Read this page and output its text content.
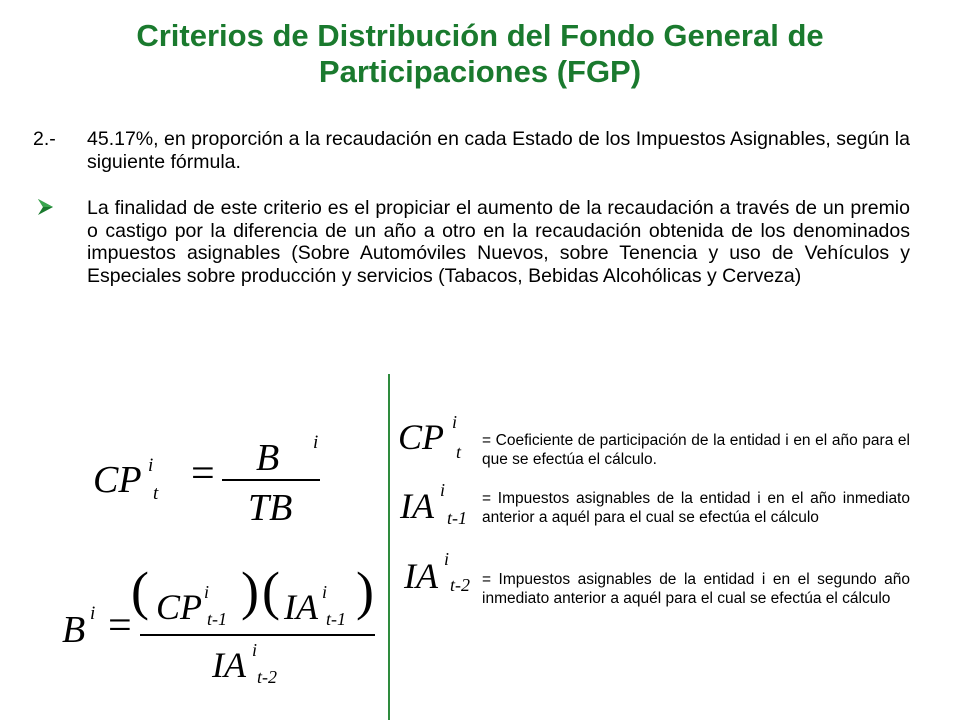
Criterios de Distribución del Fondo General de Participaciones (FGP)
2.- 45.17%, en proporción a la recaudación en cada Estado de los Impuestos Asignables, según la siguiente fórmula.
La finalidad de este criterio es el propiciar el aumento de la recaudación a través de un premio o castigo por la diferencia de un año a otro en la recaudación obtenida de los denominados impuestos asignables (Sobre Automóviles Nuevos, sobre Tenencia y uso de Vehículos y Especiales sobre producción y servicios (Tabacos, Bebidas Alcohólicas y Cerveza)
CP i
t = B i
TB
B i =
( CP i
t-1 ) ( IA i
t-1 )
IA i
t-2
CP i
t
= Coeficiente de participación de la entidad i en el año para el que se efectúa el cálculo.
IA i
t-1
= Impuestos asignables de la entidad i en el año inmediato anterior a aquél para el cual se efectúa el cálculo
IA i
t-2 = Impuestos asignables de la entidad i en el segundo año inmediato anterior a aquél para el cual se efectúa el cálculo
